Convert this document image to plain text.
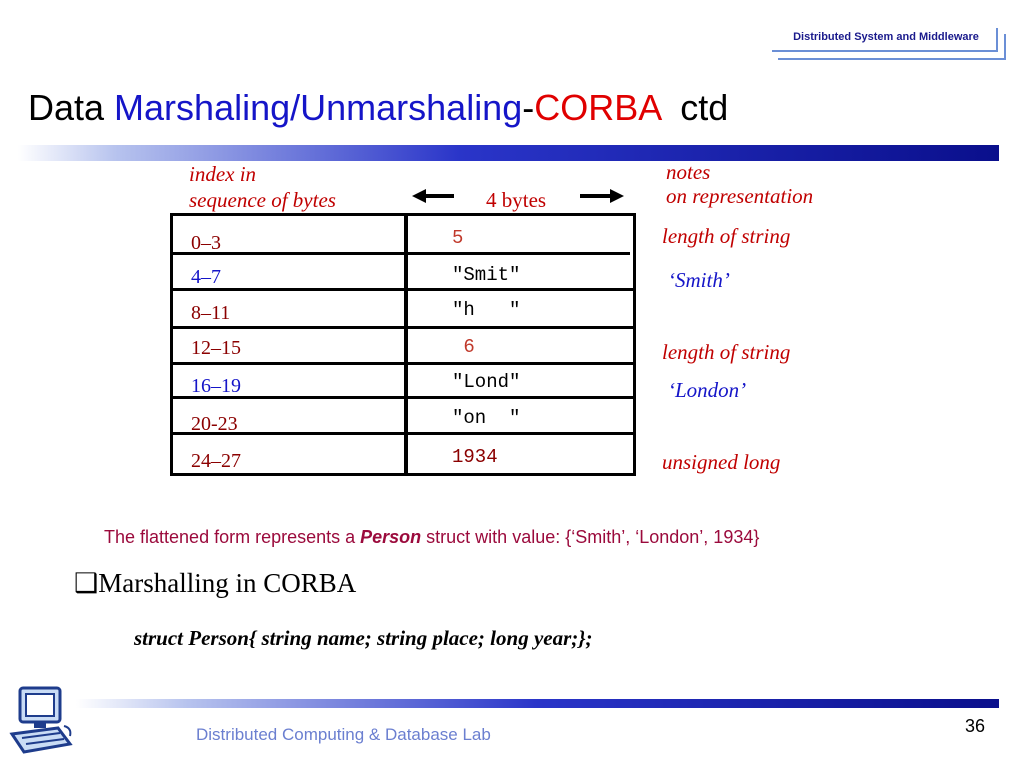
Distributed System and Middleware
Data Marshaling/Unmarshaling-CORBA  ctd
index in
sequence of bytes	4 bytes
notes
on representation
0–3
4–7
8–11
12–15
16–19
20-23
24–27
5
"Smit"
"h   "
6
"Lond"
"on  "
1934
length of string
‘Smith’
length of string
‘London’
unsigned long
The flattened form represents a Person struct with value: {‘Smith’, ‘London’, 1934}
❑Marshalling in CORBA
struct Person{ string name; string place; long year;};
Distributed Computing & Database Lab	36
